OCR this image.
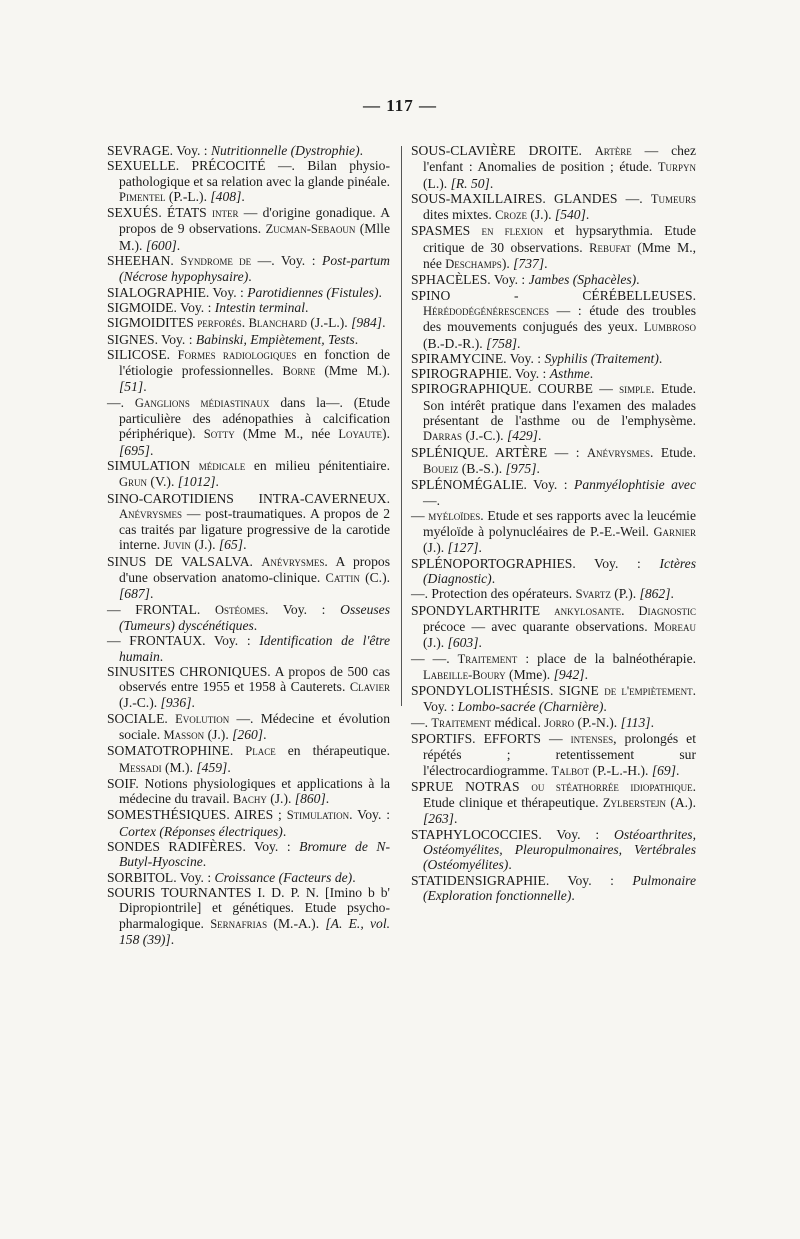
— 117 —
SEVRAGE. Voy. : Nutritionnelle (Dystrophie).
SEXUELLE. PRÉCOCITÉ —. Bilan physio-pathologique et sa relation avec la glande pinéale. Pimentel (P.-L.). [408].
SEXUÉS. ÉTATS inter — d'origine gonadique. A propos de 9 observations. Zucman-Sebaoun (Mlle M.). [600].
SHEEHAN. Syndrome de —. Voy. : Post-partum (Nécrose hypophysaire).
SIALOGRAPHIE. Voy. : Parotidiennes (Fistules).
SIGMOIDE. Voy. : Intestin terminal.
SIGMOIDITES perforés. Blanchard (J.-L.). [984].
SIGNES. Voy. : Babinski, Empiètement, Tests.
SILICOSE. Formes radiologiques en fonction de l'étiologie professionnelles. Borne (Mme M.). [51].
—. Ganglions médiastinaux dans la—. (Etude particulière des adénopathies à calcification périphérique). Sotty (Mme M., née Loyaute). [695].
SIMULATION médicale en milieu pénitentiaire. Grun (V.). [1012].
SINO-CAROTIDIENS INTRA-CAVERNEUX. Anévrysmes — post-traumatiques. A propos de 2 cas traités par ligature progressive de la carotide interne. Juvin (J.). [65].
SINUS DE VALSALVA. Anévrysmes. A propos d'une observation anatomo-clinique. Cattin (C.). [687].
— FRONTAL. Ostéomes. Voy. : Osseuses (Tumeurs) dyscénétiques.
— FRONTAUX. Voy. : Identification de l'être humain.
SINUSITES CHRONIQUES. A propos de 500 cas observés entre 1955 et 1958 à Cauterets. Clavier (J.-C.). [936].
SOCIALE. Evolution —. Médecine et évolution sociale. Masson (J.). [260].
SOMATOTROPHINE. Place en thérapeutique. Messadi (M.). [459].
SOIF. Notions physiologiques et applications à la médecine du travail. Bachy (J.). [860].
SOMESTHÉSIQUES. AIRES ; Stimulation. Voy. : Cortex (Réponses électriques).
SONDES RADIFÈRES. Voy. : Bromure de N-Butyl-Hyoscine.
SORBITOL. Voy. : Croissance (Facteurs de).
SOURIS TOURNANTES I. D. P. N. [Imino b b' Dipropiontrile] et génétiques. Etude psycho-pharmalogique. Sernafrias (M.-A.). [A. E., vol. 158 (39)].
SOUS-CLAVIÈRE DROITE. Artère — chez l'enfant : Anomalies de position ; étude. Turpyn (L.). [R. 50].
SOUS-MAXILLAIRES. GLANDES —. Tumeurs dites mixtes. Croze (J.). [540].
SPASMES en flexion et hypsarythmia. Etude critique de 30 observations. Rebufat (Mme M., née Deschamps). [737].
SPHACÈLES. Voy. : Jambes (Sphacèles).
SPINO - CÉRÉBELLEUSES. Hérédodégénérescences — : étude des troubles des mouvements conjugués des yeux. Lumbroso (B.-D.-R.). [758].
SPIRAMYCINE. Voy. : Syphilis (Traitement).
SPIROGRAPHIE. Voy. : Asthme.
SPIROGRAPHIQUE. COURBE — simple. Etude. Son intérêt pratique dans l'examen des malades présentant de l'asthme ou de l'emphysème. Darras (J.-C.). [429].
SPLÉNIQUE. ARTÈRE — : Anévrysmes. Etude. Boueiz (B.-S.). [975].
SPLÉNOMÉGALIE. Voy. : Panmyélophtisie avec —.
— myéloïdes. Etude et ses rapports avec la leucémie myéloïde à polynucléaires de P.-E.-Weil. Garnier (J.). [127].
SPLÉNOPORTOGRAPHIES. Voy. : Ictères (Diagnostic).
—. Protection des opérateurs. Svartz (P.). [862].
SPONDYLARTHRITE ankylosante. Diagnostic précoce — avec quarante observations. Moreau (J.). [603].
— —. Traitement : place de la balnéothérapie. Labeille-Boury (Mme). [942].
SPONDYLOLISTHÉSIS. SIGNE de l'empiètement. Voy. : Lombo-sacrée (Charnière).
—. Traitement médical. Jorro (P.-N.). [113].
SPORTIFS. EFFORTS — intenses, prolongés et répétés ; retentissement sur l'électrocardiogramme. Talbot (P.-L.-H.). [69].
SPRUE NOTRAS ou stéathorrée idiopathique. Etude clinique et thérapeutique. Zylberstejn (A.). [263].
STAPHYLOCOCCIES. Voy. : Ostéoarthrites, Ostéomyélites, Pleuropulmonaires, Vertébrales (Ostéomyélites).
STATIDENSIGRAPHIE. Voy. : Pulmonaire (Exploration fonctionnelle).
